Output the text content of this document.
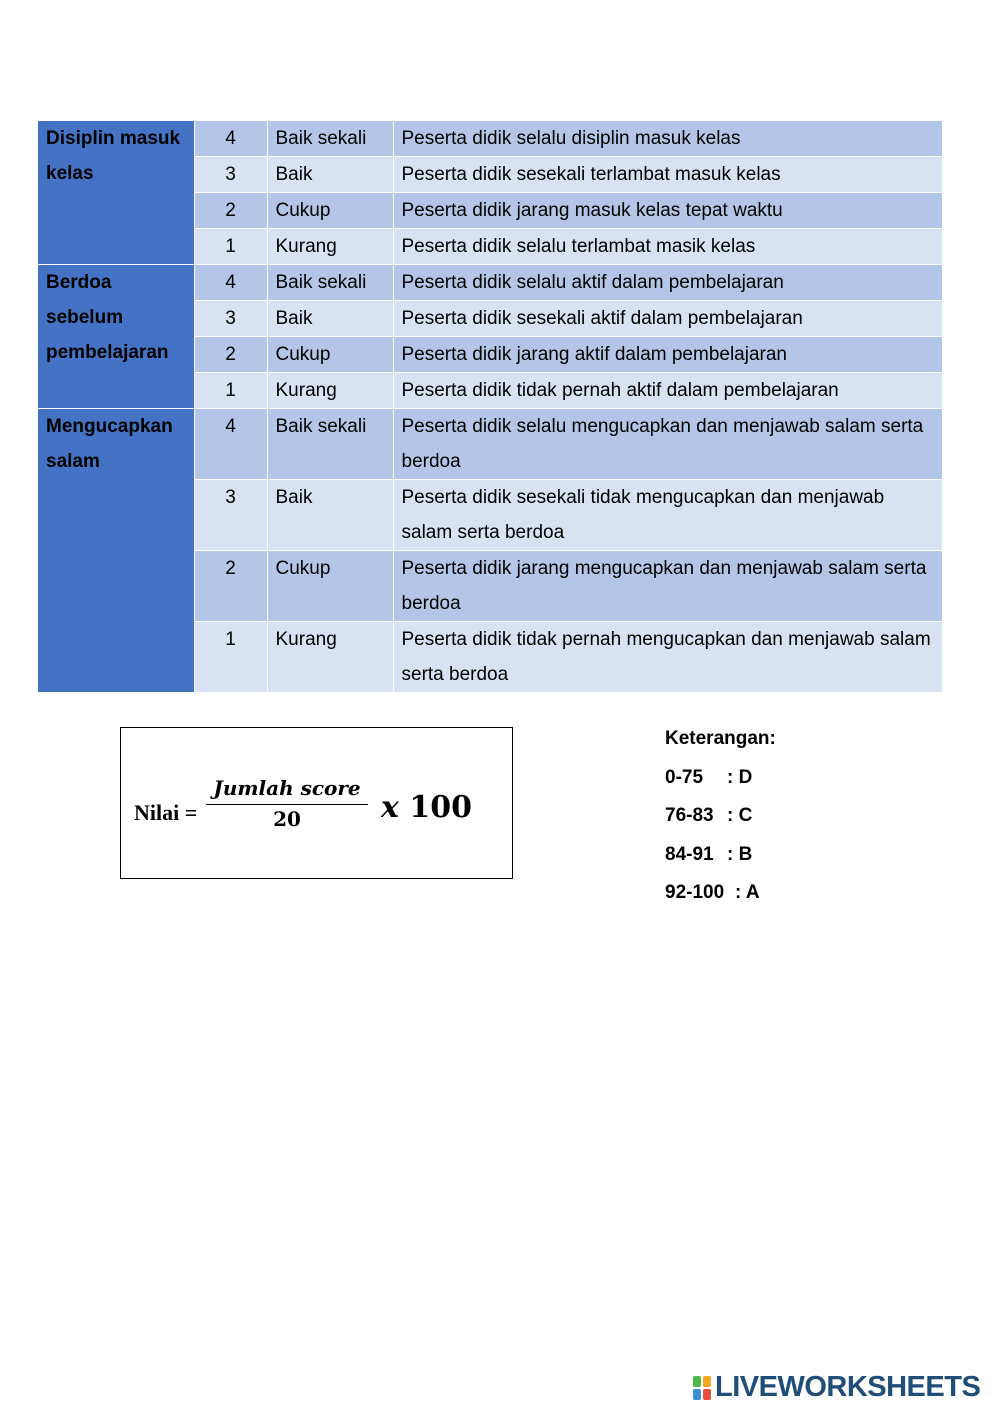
Disiplin masuk kelas	4	Baik sekali	Peserta didik selalu disiplin masuk kelas
	3	Baik	Peserta didik sesekali terlambat masuk kelas
	2	Cukup	Peserta didik jarang masuk kelas tepat waktu
	1	Kurang	Peserta didik selalu terlambat masik kelas
Berdoa sebelum pembelajaran	4	Baik sekali	Peserta didik selalu aktif dalam pembelajaran
	3	Baik	Peserta didik sesekali aktif dalam pembelajaran
	2	Cukup	Peserta didik jarang aktif dalam pembelajaran
	1	Kurang	Peserta didik tidak pernah aktif dalam pembelajaran
Mengucapkan salam	4	Baik sekali	Peserta didik selalu mengucapkan dan menjawab salam serta berdoa
	3	Baik	Peserta didik sesekali tidak mengucapkan dan menjawab salam serta berdoa
	2	Cukup	Peserta didik jarang mengucapkan dan menjawab salam serta berdoa
	1	Kurang	Peserta didik tidak pernah mengucapkan dan menjawab salam serta berdoa
Nilai =
Jumlah score
20	x 100
Keterangan:
0-75 : D
76-83 : C
84-91 : B
92-100 : A
LIVEWORKSHEETS
